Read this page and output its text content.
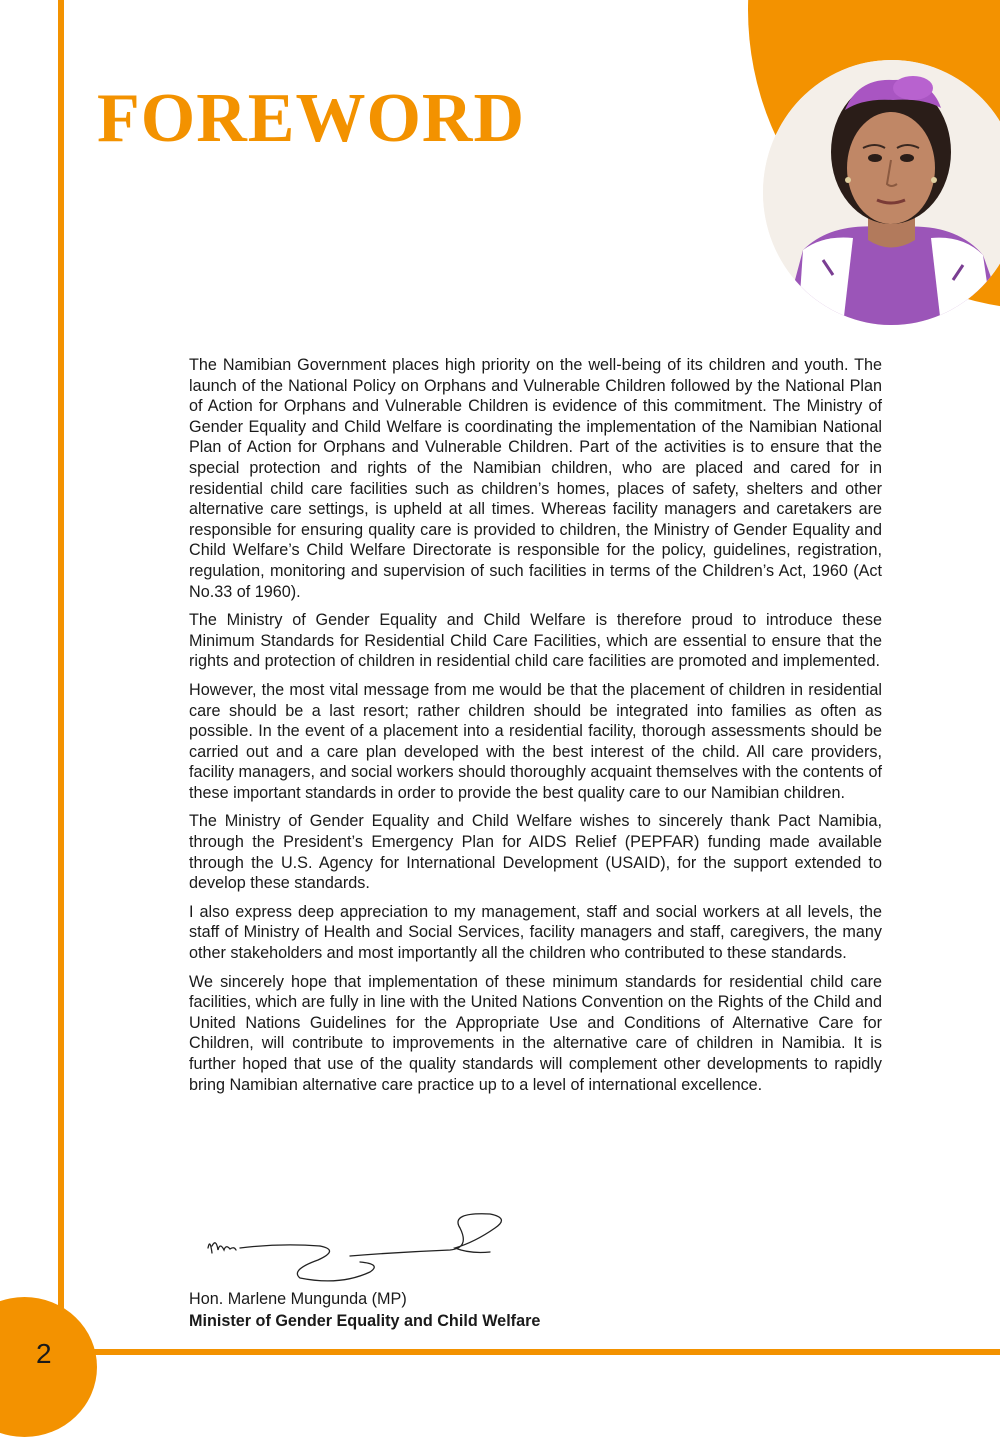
FOREWORD

The Namibian Government places high priority on the well-being of its children and youth. The launch of the National Policy on Orphans and Vulnerable Children followed by the National Plan of Action for Orphans and Vulnerable Children is evidence of this commitment. The Ministry of Gender Equality and Child Welfare is coordinating the implementation of the Namibian National Plan of Action for Orphans and Vulnerable Children. Part of the activities is to ensure that the special protection and rights of the Namibian children, who are placed and cared for in residential child care facilities such as children’s homes, places of safety, shelters and other alternative care settings, is upheld at all times. Whereas facility managers and caretakers are responsible for ensuring quality care is provided to children, the Ministry of Gender Equality and Child Welfare’s Child Welfare Directorate is responsible for the policy, guidelines, registration, regulation, monitoring and supervision of such facilities in terms of the Children’s Act, 1960 (Act No.33 of 1960).

The Ministry of Gender Equality and Child Welfare is therefore proud to introduce these Minimum Standards for Residential Child Care Facilities, which are essential to ensure that the rights and protection of children in residential child care facilities are promoted and implemented.

However, the most vital message from me would be that the placement of children in residential care should be a last resort; rather children should be integrated into families as often as possible. In the event of a placement into a residential facility, thorough assessments should be carried out and a care plan developed with the best interest of the child. All care providers, facility managers, and social workers should thoroughly acquaint themselves with the contents of these important standards in order to provide the best quality care to our Namibian children.

The Ministry of Gender Equality and Child Welfare wishes to sincerely thank Pact Namibia, through the President’s Emergency Plan for AIDS Relief (PEPFAR) funding made available through the U.S. Agency for International Development (USAID), for the support extended to develop these standards.

I also express deep appreciation to my management, staff and social workers at all levels, the staff of Ministry of Health and Social Services, facility managers and staff, caregivers, the many other stakeholders and most importantly all the children who contributed to these standards.

We sincerely hope that implementation of these minimum standards for residential child care facilities, which are fully in line with the United Nations Convention on the Rights of the Child and United Nations Guidelines for the Appropriate Use and Conditions of Alternative Care for Children, will contribute to improvements in the alternative care of children in Namibia. It is further hoped that use of the quality standards will complement other developments to rapidly bring Namibian alternative care practice up to a level of international excellence.

Hon. Marlene Mungunda (MP)
Minister of Gender Equality and Child Welfare
2
